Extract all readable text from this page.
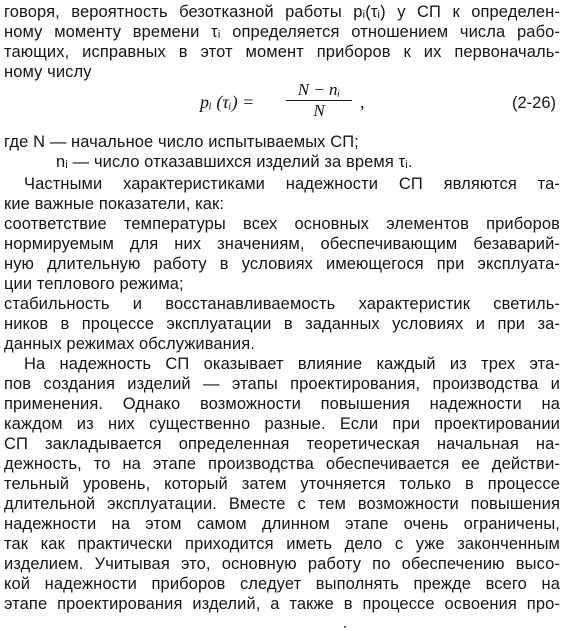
говоря, вероятность безотказной работы pᵢ(τᵢ) у СП к определен-
ному моменту времени τᵢ определяется отношением числа рабо-
тающих, исправных в этот момент приборов к их первоначаль-
ному числу
pᵢ (τᵢ) = $\frac{\text{N − nᵢ}}{N}$ ,	(2-26)
где N — начальное число испытываемых СП;
nᵢ — число отказавшихся изделий за время τᵢ.
Частными характеристиками надежности СП являются та-
кие важные показатели, как:
соответствие температуры всех основных элементов приборов
нормируемым для них значениям, обеспечивающим безаварий-
ную длительную работу в условиях имеющегося при эксплуата-
ции теплового режима;
стабильность и восстанавливаемость характеристик светиль-
ников в процессе эксплуатации в заданных условиях и при за-
данных режимах обслуживания.
На надежность СП оказывает влияние каждый из трех эта-
пов создания изделий — этапы проектирования, производства и
применения. Однако возможности повышения надежности на
каждом из них существенно разные. Если при проектировании
СП закладывается определенная теоретическая начальная на-
дежность, то на этапе производства обеспечивается ее действи-
тельный уровень, который затем уточняется только в процессе
длительной эксплуатации. Вместе с тем возможности повышения
надежности на этом самом длинном этапе очень ограничены,
так как практически приходится иметь дело с уже законченным
изделием. Учитывая это, основную работу по обеспечению высо-
кой надежности приборов следует выполнять прежде всего на
этапе проектирования изделий, а также в процессе освоения про-
